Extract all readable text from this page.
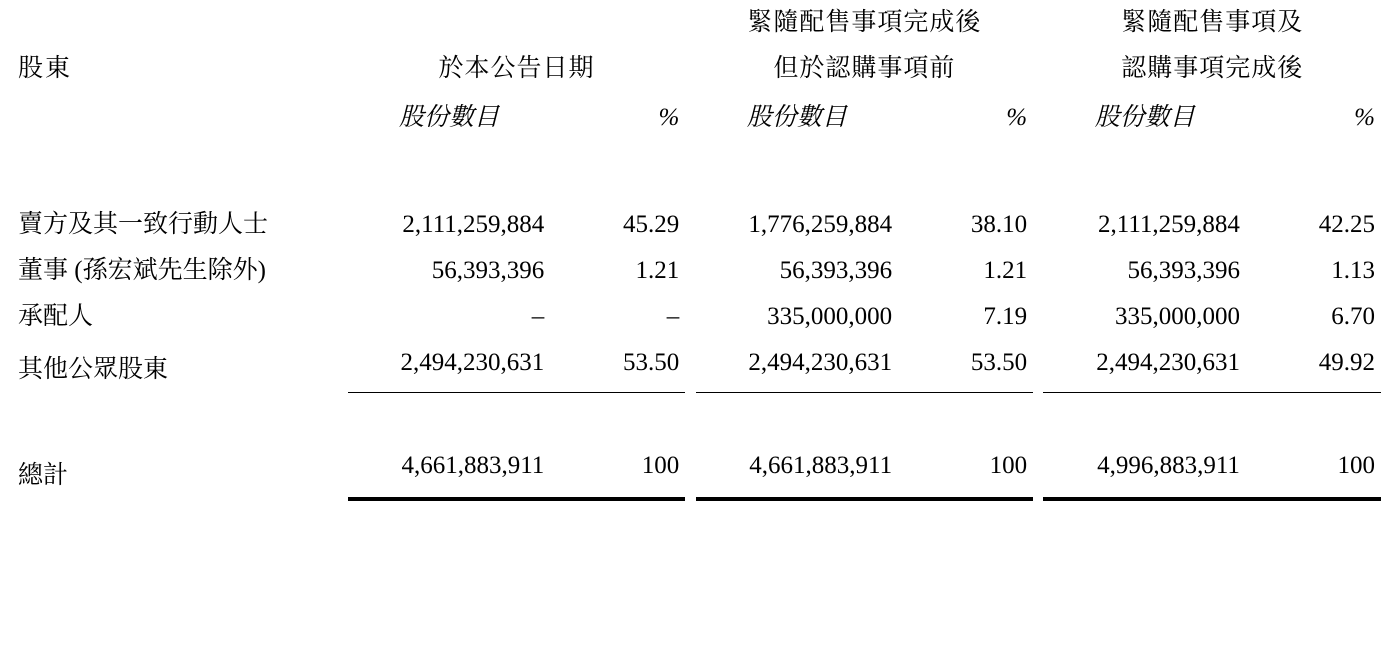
				緊隨配售事項完成後			緊隨配售事項及	
股東	於本公告日期			但於認購事項前			認購事項完成後	
	股份數目	%		股份數目	%		股份數目	%

賣方及其一致行動人士	2,111,259,884	45.29		1,776,259,884	38.10		2,111,259,884	42.25
董事 (孫宏斌先生除外)	56,393,396	1.21		56,393,396	1.21		56,393,396	1.13
承配人	–	–		335,000,000	7.19		335,000,000	6.70
其他公眾股東	2,494,230,631	53.50		2,494,230,631	53.50		2,494,230,631	49.92

總計	4,661,883,911	100		4,661,883,911	100		4,996,883,911	100
